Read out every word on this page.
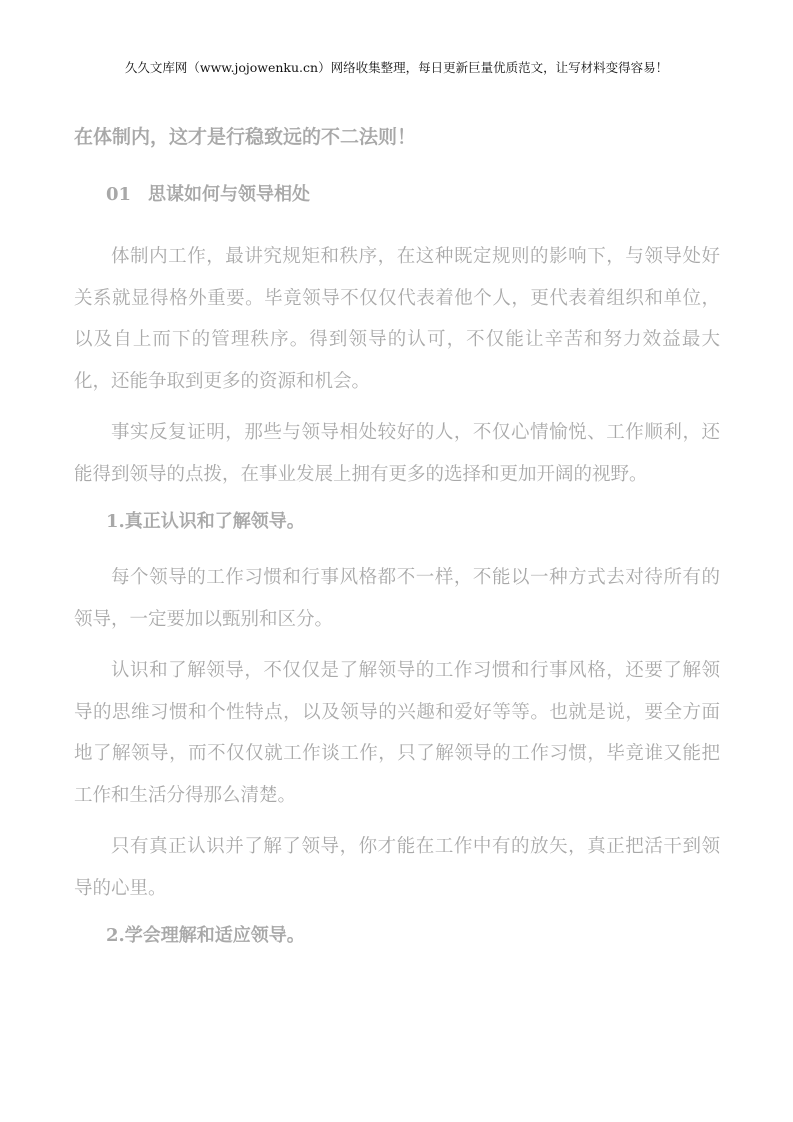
久久文库网（www.jojowenku.cn）网络收集整理，每日更新巨量优质范文，让写材料变得容易！
在体制内，这才是行稳致远的不二法则！
01 思谋如何与领导相处

体制内工作，最讲究规矩和秩序，在这种既定规则的影响下，与领导处好关系就显得格外重要。毕竟领导不仅仅代表着他个人，更代表着组织和单位，以及自上而下的管理秩序。得到领导的认可，不仅能让辛苦和努力效益最大化，还能争取到更多的资源和机会。

事实反复证明，那些与领导相处较好的人，不仅心情愉悦、工作顺利，还能得到领导的点拨，在事业发展上拥有更多的选择和更加开阔的视野。

1.真正认识和了解领导。

每个领导的工作习惯和行事风格都不一样，不能以一种方式去对待所有的领导，一定要加以甄别和区分。

认识和了解领导，不仅仅是了解领导的工作习惯和行事风格，还要了解领导的思维习惯和个性特点，以及领导的兴趣和爱好等等。也就是说，要全方面地了解领导，而不仅仅就工作谈工作，只了解领导的工作习惯，毕竟谁又能把工作和生活分得那么清楚。

只有真正认识并了解了领导，你才能在工作中有的放矢，真正把活干到领导的心里。

2.学会理解和适应领导。
